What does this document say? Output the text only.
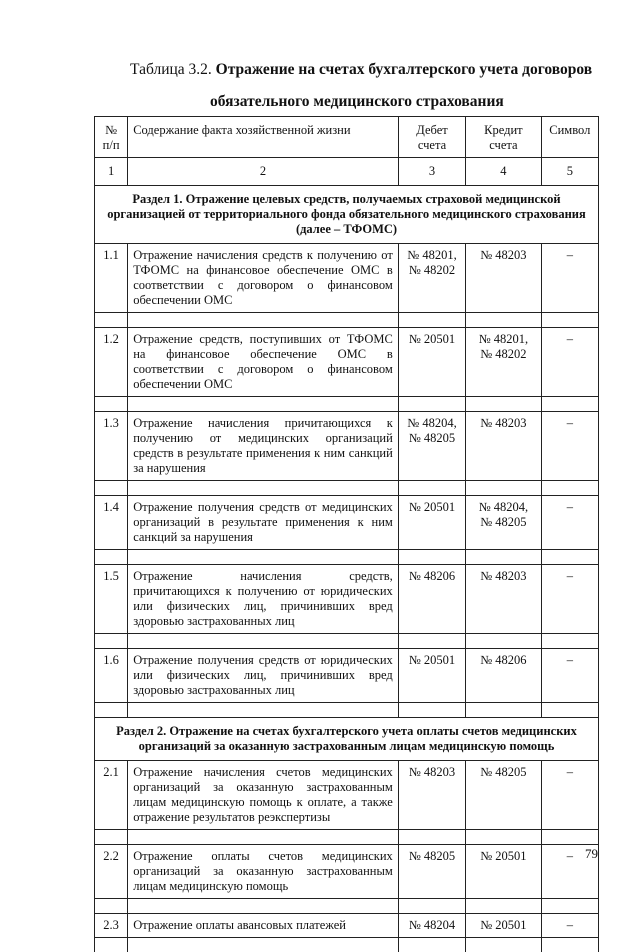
Таблица 3.2. Отражение на счетах бухгалтерского учета договоров
обязательного медицинского страхования
№ п/п	Содержание факта хозяйственной жизни	Дебет счета	Кредит счета	Символ
1	2	3	4	5
Раздел 1. Отражение целевых средств, получаемых страховой медицинской организацией от территориального фонда обязательного медицинского страхования (далее – ТФОМС)				
1.1	Отражение начисления средств к получению от ТФОМС на финансовое обеспечение ОМС в соответствии с договором о финансовом обеспечении ОМС	№ 48201, № 48202	№ 48203	–

1.2	Отражение средств, поступивших от ТФОМС на финансовое обеспечение ОМС в соответствии с договором о финансовом обеспечении ОМС	№ 20501	№ 48201, № 48202	–

1.3	Отражение начисления причитающихся к получению от медицинских организаций средств в результате применения к ним санкций за нарушения	№ 48204, № 48205	№ 48203	–

1.4	Отражение получения средств от медицинских организаций в результате применения к ним санкций за нарушения	№ 20501	№ 48204, № 48205	–

1.5	Отражение начисления средств, причитающихся к получению от юридических или физических лиц, причинивших вред здоровью застрахованных лиц	№ 48206	№ 48203	–

1.6	Отражение получения средств от юридических или физических лиц, причинивших вред здоровью застрахованных лиц	№ 20501	№ 48206	–

Раздел 2. Отражение на счетах бухгалтерского учета оплаты счетов медицинских организаций за оказанную застрахованным лицам медицинскую помощь				
2.1	Отражение начисления счетов медицинских организаций за оказанную застрахованным лицам медицинскую помощь к оплате, а также отражение результатов реэкспертизы	№ 48203	№ 48205	–

2.2	Отражение оплаты счетов медицинских организаций за оказанную застрахованным лицам медицинскую помощь	№ 48205	№ 20501	–

2.3	Отражение оплаты авансовых платежей	№ 48204	№ 20501	–

79
